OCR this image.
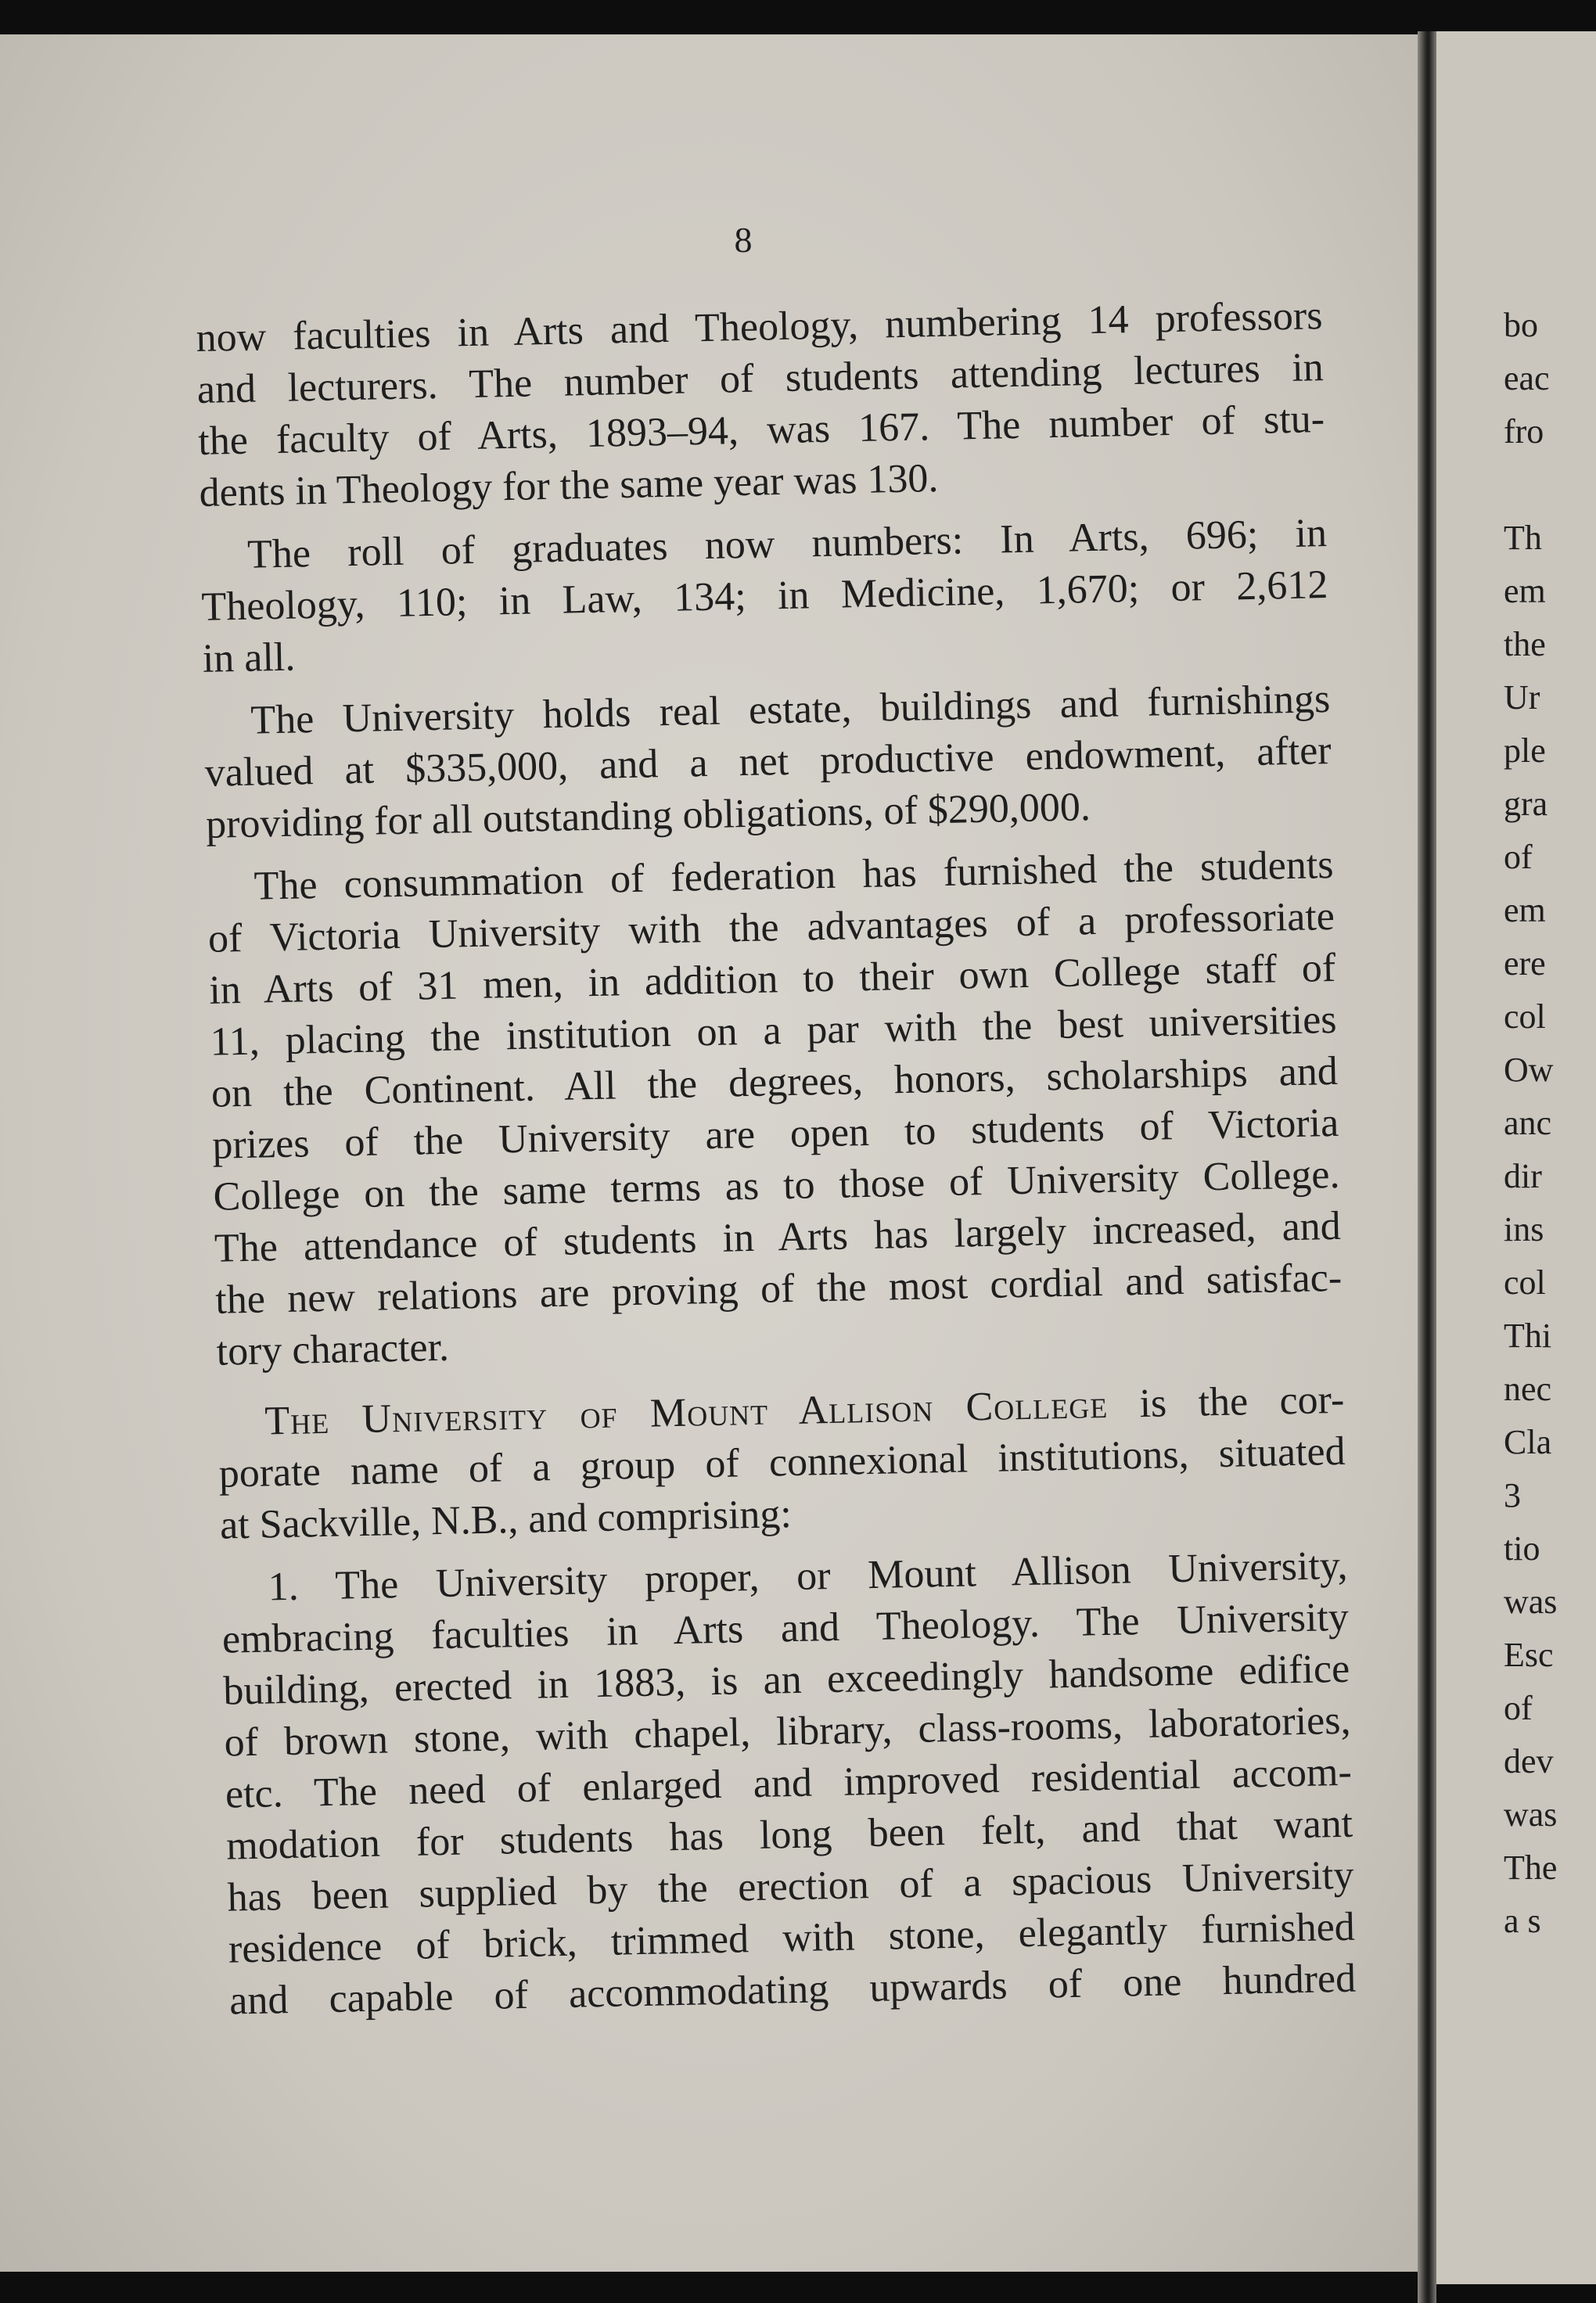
8
now faculties in Arts and Theology, numbering 14 professors
and lecturers. The number of students attending lectures in
the faculty of Arts, 1893–94, was 167. The number of stu-
dents in Theology for the same year was 130.
The roll of graduates now numbers: In Arts, 696; in
Theology, 110; in Law, 134; in Medicine, 1,670; or 2,612
in all.
The University holds real estate, buildings and furnishings
valued at $335,000, and a net productive endowment, after
providing for all outstanding obligations, of $290,000.
The consummation of federation has furnished the students
of Victoria University with the advantages of a professoriate
in Arts of 31 men, in addition to their own College staff of
11, placing the institution on a par with the best universities
on the Continent. All the degrees, honors, scholarships and
prizes of the University are open to students of Victoria
College on the same terms as to those of University College.
The attendance of students in Arts has largely increased, and
the new relations are proving of the most cordial and satisfac-
tory character.
The University of Mount Allison College is the cor-
porate name of a group of connexional institutions, situated
at Sackville, N.B., and comprising:
1. The University proper, or Mount Allison University,
embracing faculties in Arts and Theology. The University
building, erected in 1883, is an exceedingly handsome edifice
of brown stone, with chapel, library, class-rooms, laboratories,
etc. The need of enlarged and improved residential accom-
modation for students has long been felt, and that want
has been supplied by the erection of a spacious University
residence of brick, trimmed with stone, elegantly furnished
and capable of accommodating upwards of one hundred
bo
eac
fro
Th
em
the
Ur
ple
gra
of
em
ere
col
Ow
anc
dir
ins
col
Thi
nec
Cla
3
tio
was
Esc
of
dev
was
The
a s
